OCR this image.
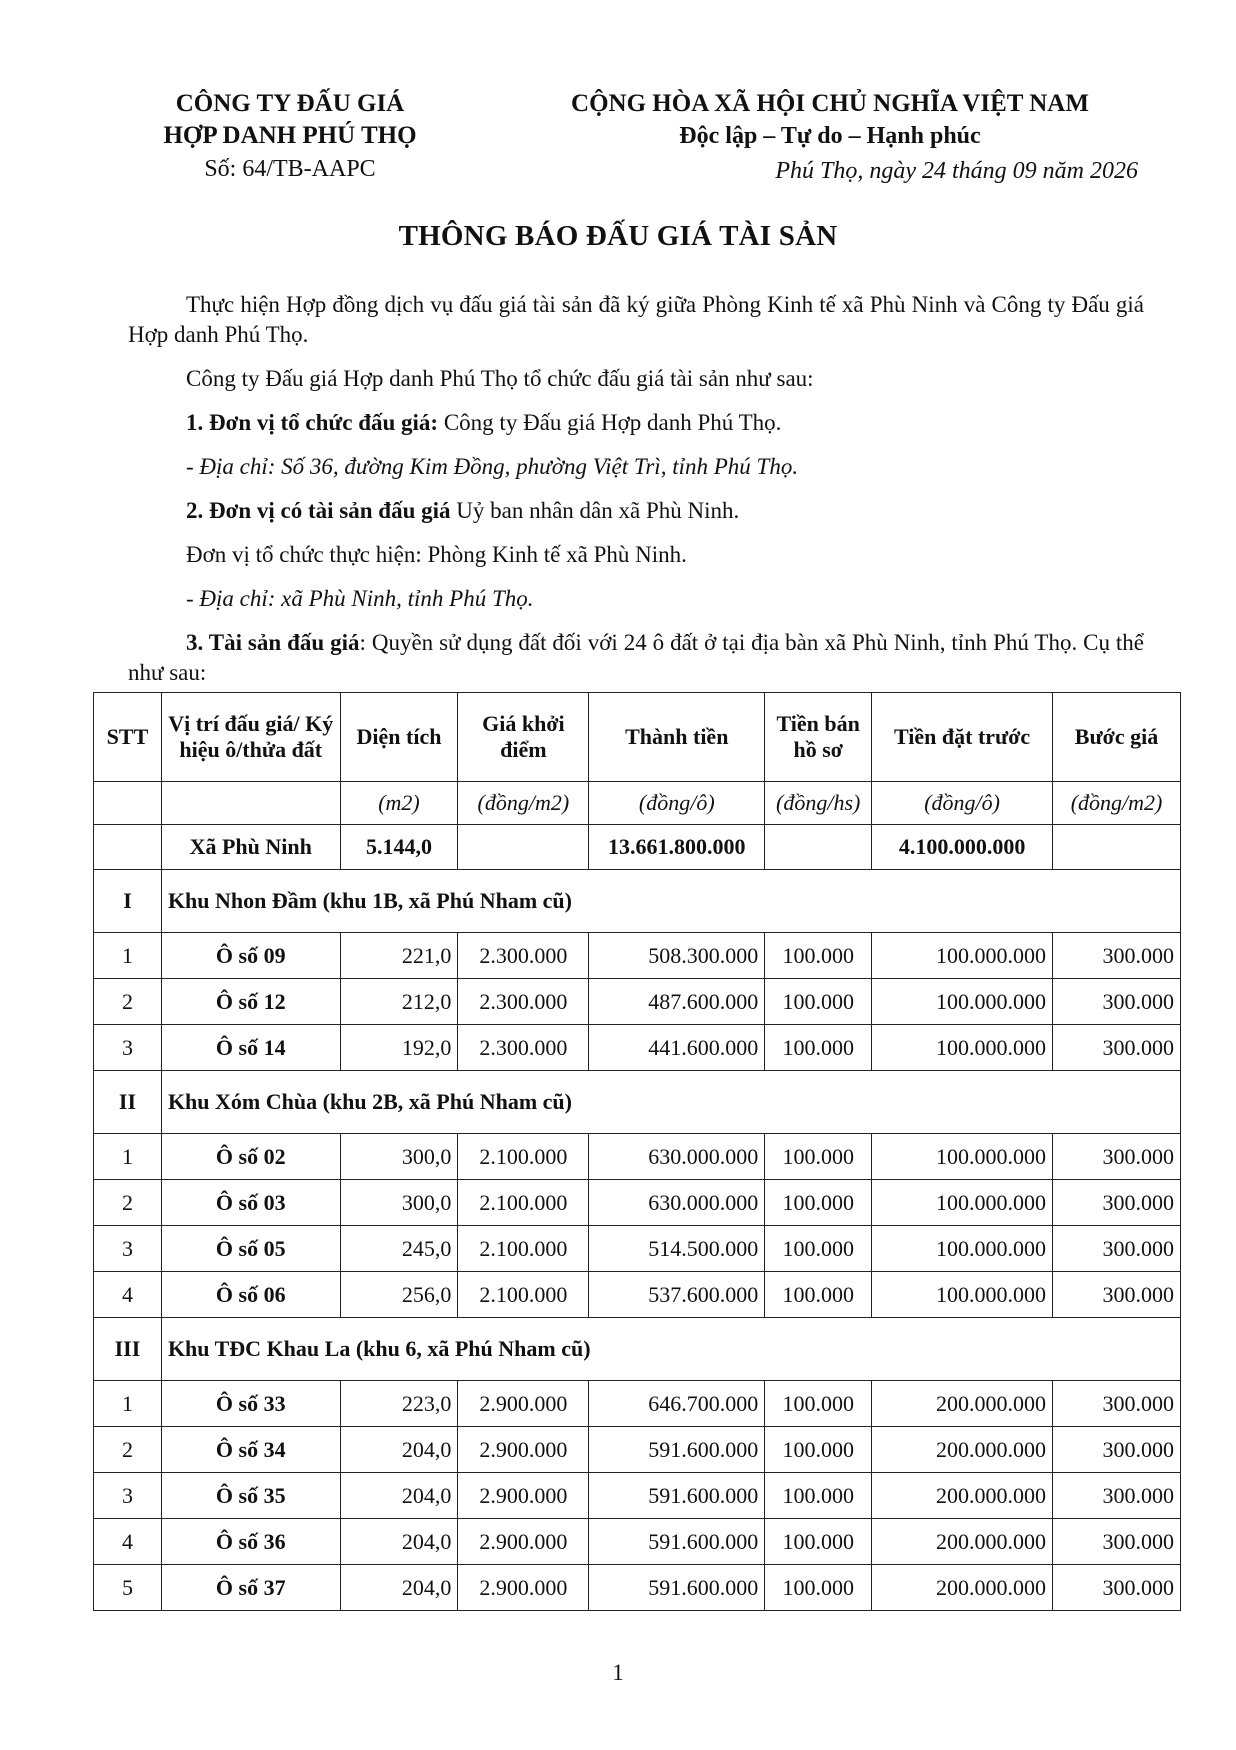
CÔNG TY ĐẤU GIÁ
HỢP DANH PHÚ THỌ
Số: 64/TB-AAPC
CỘNG HÒA XÃ HỘI CHỦ NGHĨA VIỆT NAM
Độc lập – Tự do – Hạnh phúc
Phú Thọ, ngày 24 tháng 09 năm 2026
THÔNG BÁO ĐẤU GIÁ TÀI SẢN

Thực hiện Hợp đồng dịch vụ đấu giá tài sản đã ký giữa Phòng Kinh tế xã Phù Ninh và Công ty Đấu giá Hợp danh Phú Thọ.

Công ty Đấu giá Hợp danh Phú Thọ tổ chức đấu giá tài sản như sau:

1. Đơn vị tổ chức đấu giá: Công ty Đấu giá Hợp danh Phú Thọ.

- Địa chỉ: Số 36, đường Kim Đồng, phường Việt Trì, tỉnh Phú Thọ.

2. Đơn vị có tài sản đấu giá Uỷ ban nhân dân xã Phù Ninh.

Đơn vị tổ chức thực hiện: Phòng Kinh tế xã Phù Ninh.

- Địa chỉ: xã Phù Ninh, tỉnh Phú Thọ.

3. Tài sản đấu giá: Quyền sử dụng đất đối với 24 ô đất ở tại địa bàn xã Phù Ninh, tỉnh Phú Thọ. Cụ thể như sau:

STT	Vị trí đấu giá/ Ký hiệu ô/thửa đất	Diện tích	Giá khởi điểm	Thành tiền	Tiền bán hồ sơ	Tiền đặt trước	Bước giá
		(m2)	(đồng/m2)	(đồng/ô)	(đồng/hs)	(đồng/ô)	(đồng/m2)
	Xã Phù Ninh	5.144,0		13.661.800.000		4.100.000.000	
I	Khu Nhon Đầm (khu 1B, xã Phú Nham cũ)						
1	Ô số 09	221,0	2.300.000	508.300.000	100.000	100.000.000	300.000
2	Ô số 12	212,0	2.300.000	487.600.000	100.000	100.000.000	300.000
3	Ô số 14	192,0	2.300.000	441.600.000	100.000	100.000.000	300.000
II	Khu Xóm Chùa (khu 2B, xã Phú Nham cũ)						
1	Ô số 02	300,0	2.100.000	630.000.000	100.000	100.000.000	300.000
2	Ô số 03	300,0	2.100.000	630.000.000	100.000	100.000.000	300.000
3	Ô số 05	245,0	2.100.000	514.500.000	100.000	100.000.000	300.000
4	Ô số 06	256,0	2.100.000	537.600.000	100.000	100.000.000	300.000
III	Khu TĐC Khau La (khu 6, xã Phú Nham cũ)						
1	Ô số 33	223,0	2.900.000	646.700.000	100.000	200.000.000	300.000
2	Ô số 34	204,0	2.900.000	591.600.000	100.000	200.000.000	300.000
3	Ô số 35	204,0	2.900.000	591.600.000	100.000	200.000.000	300.000
4	Ô số 36	204,0	2.900.000	591.600.000	100.000	200.000.000	300.000
5	Ô số 37	204,0	2.900.000	591.600.000	100.000	200.000.000	300.000
1
